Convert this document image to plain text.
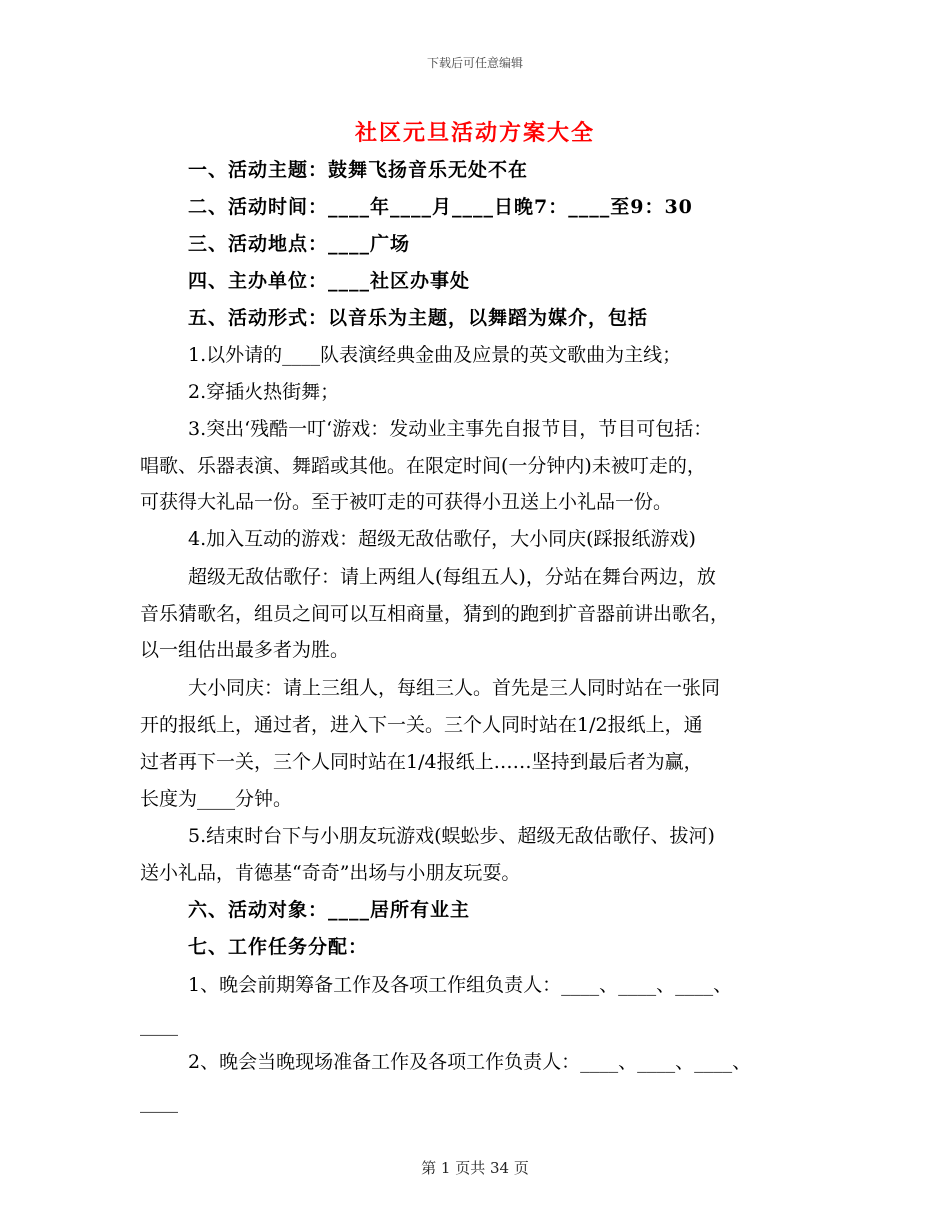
下载后可任意编辑
社区元旦活动方案大全
一、活动主题：鼓舞飞扬音乐无处不在
二、活动时间：____年____月____日晚7：____至9：30
三、活动地点：____广场
四、主办单位：____社区办事处
五、活动形式：以音乐为主题，以舞蹈为媒介，包括
1.以外请的____队表演经典金曲及应景的英文歌曲为主线；
2.穿插火热街舞；
3.突出‘残酷一叮‘游戏：发动业主事先自报节目，节目可包括：
唱歌、乐器表演、舞蹈或其他。在限定时间(一分钟内)未被叮走的，
可获得大礼品一份。至于被叮走的可获得小丑送上小礼品一份。
4.加入互动的游戏：超级无敌估歌仔，大小同庆(踩报纸游戏)
超级无敌估歌仔：请上两组人(每组五人)，分站在舞台两边，放
音乐猜歌名，组员之间可以互相商量，猜到的跑到扩音器前讲出歌名，
以一组估出最多者为胜。
大小同庆：请上三组人，每组三人。首先是三人同时站在一张同
开的报纸上，通过者，进入下一关。三个人同时站在1/2报纸上，通
过者再下一关，三个人同时站在1/4报纸上……坚持到最后者为赢，
长度为____分钟。
5.结束时台下与小朋友玩游戏(蜈蚣步、超级无敌估歌仔、拔河)
送小礼品，肯德基“奇奇”出场与小朋友玩耍。
六、活动对象：____居所有业主
七、工作任务分配：
1、晚会前期筹备工作及各项工作组负责人：____、____、____、
____
2、晚会当晚现场准备工作及各项工作负责人：____、____、____、
____
第 1 页共 34 页
